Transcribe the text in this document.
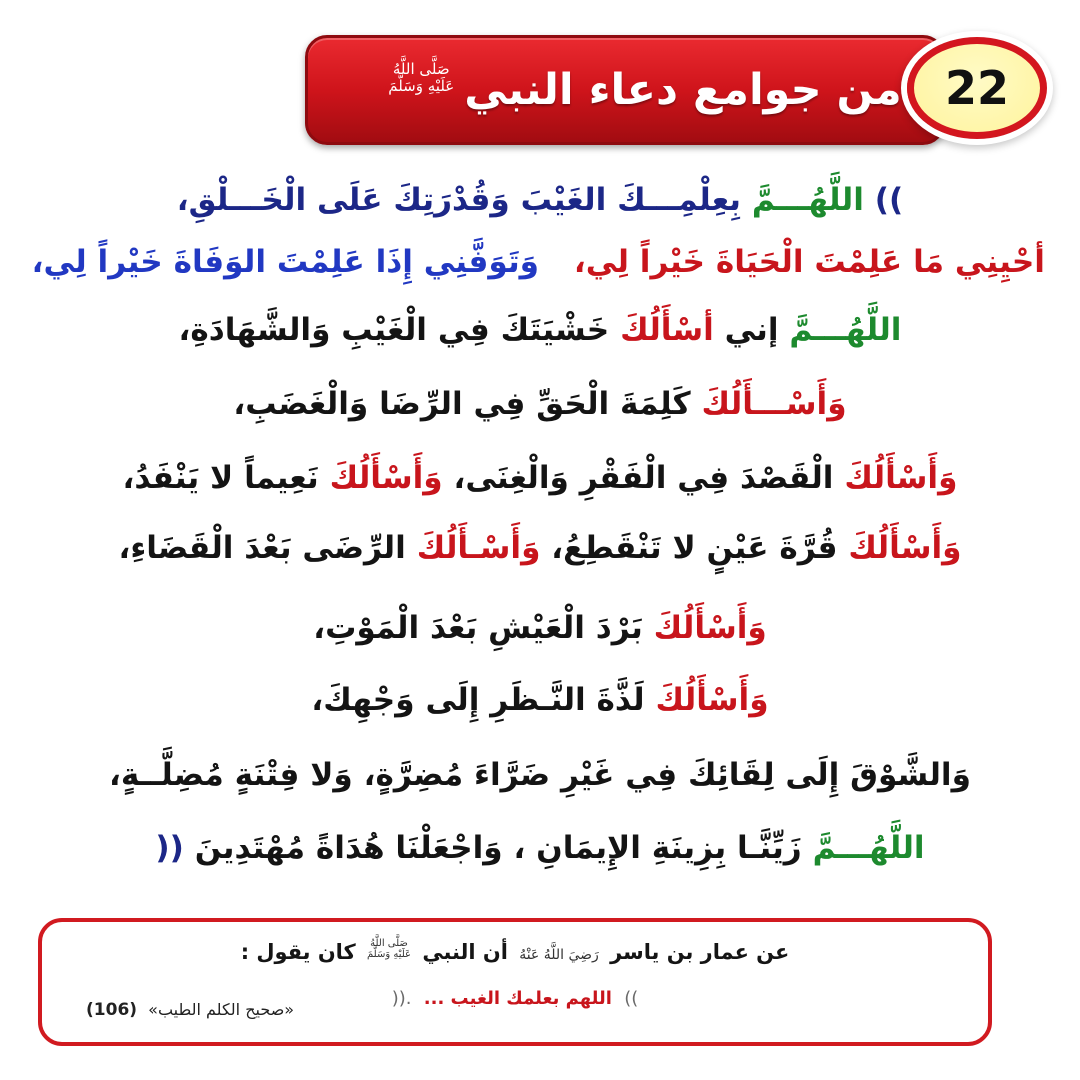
من جوامع دعاء النبي
صَلَّى اللَّهُ
عَلَيْهِ وَسَلَّمَ	22
(( اللَّهُـــمَّ بِعِلْمِـــكَ الغَيْبَ وَقُدْرَتِكَ عَلَى الْخَـــلْقِ،
أحْيِنِي مَا عَلِمْتَ الْحَيَاةَ خَيْراً لِي، وَتَوَفَّنِي إِذَا عَلِمْتَ الوَفَاةَ خَيْراً لِي،
اللَّهُـــمَّ إني أسْأَلُكَ خَشْيَتَكَ فِي الْغَيْبِ وَالشَّهَادَةِ،
وَأَسْـــأَلُكَ كَلِمَةَ الْحَقِّ فِي الرِّضَا وَالْغَضَبِ،
وَأَسْأَلُكَ الْقَصْدَ فِي الْفَقْرِ وَالْغِنَى، وَأَسْأَلُكَ نَعِيماً لا يَنْفَدُ،
وَأَسْأَلُكَ قُرَّةَ عَيْنٍ لا تَنْقَطِعُ، وَأَسْـأَلُكَ الرِّضَى بَعْدَ الْقَضَاءِ،
وَأَسْأَلُكَ بَرْدَ الْعَيْشِ بَعْدَ الْمَوْتِ،
وَأَسْأَلُكَ لَذَّةَ النَّـظَرِ إِلَى وَجْهِكَ،
وَالشَّوْقَ إِلَى لِقَائِكَ فِي غَيْرِ ضَرَّاءَ مُضِرَّةٍ، وَلا فِتْنَةٍ مُضِلَّــةٍ،
اللَّهُـــمَّ زَيِّنَّـا بِزِينَةِ الإِيمَانِ ، وَاجْعَلْنَا هُدَاةً مُهْتَدِينَ ))
عن عمار بن ياسر رَضِيَ اللَّهُ عَنْهُ أن النبي
صَلَّى اللَّهُ
عَلَيْهِ وَسَلَّمَ
كان يقول :
(( اللهم بعلمك الغيب ... )).
«صحيح الكلم الطيب» (106)
